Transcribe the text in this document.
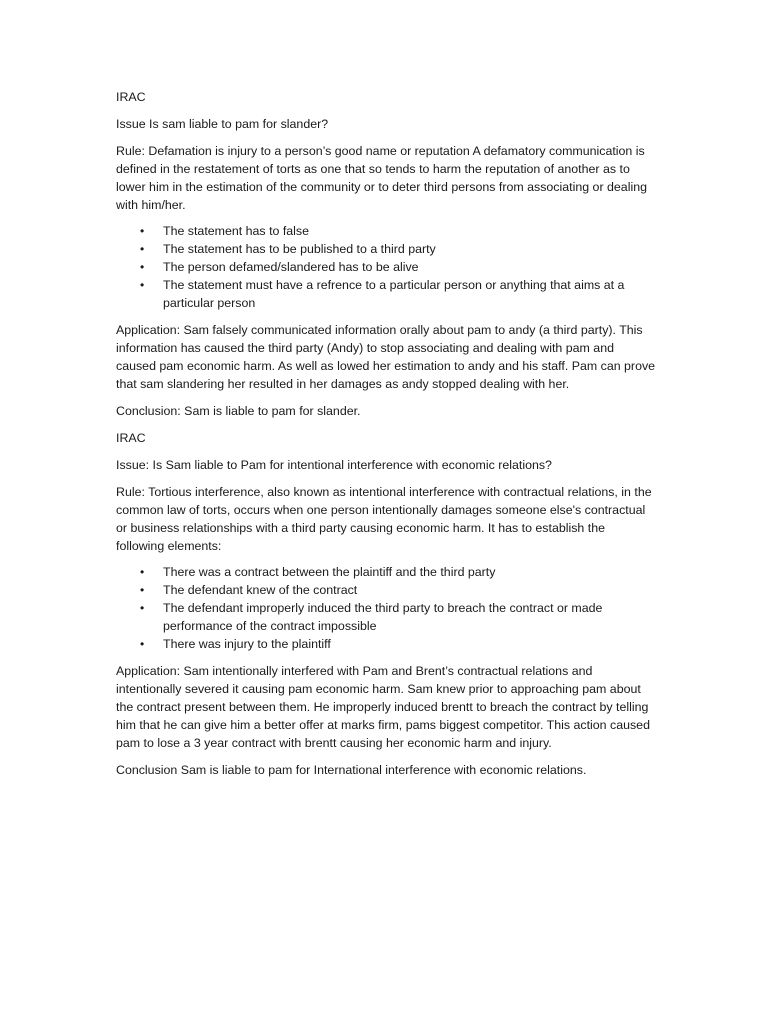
IRAC

Issue Is sam liable to pam for slander?

Rule: Defamation is injury to a person’s good name or reputation A defamatory communication is defined in the restatement of torts as one that so tends to harm the reputation of another as to lower him in the estimation of the community or to deter third persons from associating or dealing with him/her.

• The statement has to false
• The statement has to be published to a third party
• The person defamed/slandered has to be alive
• The statement must have a refrence to a particular person or anything that aims at a particular person

Application: Sam falsely communicated information orally about pam to andy (a third party). This information has caused the third party (Andy) to stop associating and dealing with pam and caused pam economic harm. As well as lowed her estimation to andy and his staff. Pam can prove that sam slandering her resulted in her damages as andy stopped dealing with her.

Conclusion: Sam is liable to pam for slander.

IRAC

Issue: Is Sam liable to Pam for intentional interference with economic relations?

Rule: Tortious interference, also known as intentional interference with contractual relations, in the common law of torts, occurs when one person intentionally damages someone else's contractual or business relationships with a third party causing economic harm. It has to establish the following elements:

• There was a contract between the plaintiff and the third party
• The defendant knew of the contract
• The defendant improperly induced the third party to breach the contract or made performance of the contract impossible
• There was injury to the plaintiff

Application: Sam intentionally interfered with Pam and Brent’s contractual relations and intentionally severed it causing pam economic harm. Sam knew prior to approaching pam about the contract present between them. He improperly induced brentt to breach the contract by telling him that he can give him a better offer at marks firm, pams biggest competitor. This action caused pam to lose a 3 year contract with brentt causing her economic harm and injury.

Conclusion Sam is liable to pam for International interference with economic relations.
